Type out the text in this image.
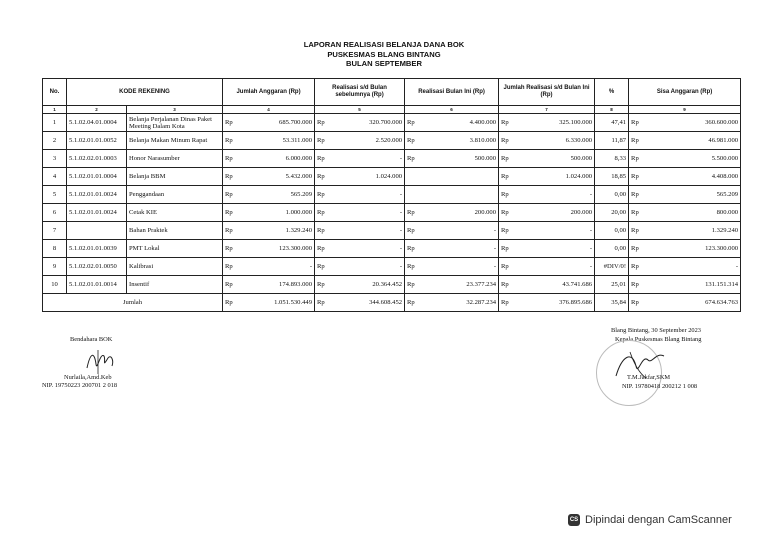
LAPORAN REALISASI BELANJA DANA BOK
PUSKESMAS BLANG BINTANG
BULAN SEPTEMBER
No.	KODE REKENING		Jumlah Anggaran (Rp)		Realisasi s/d Bulan sebelumnya (Rp)		Realisasi Bulan Ini (Rp)		Jumlah Realisasi s/d Bulan Ini (Rp)		%	Sisa Anggaran (Rp)	
1	2	3	4		5		6		7		8	9	
1	5.1.02.04.01.0004	Belanja Perjalanan Dinas Paket Meeting Dalam Kota	Rp	685.700.000	Rp	320.700.000	Rp	4.400.000	Rp	325.100.000	47,41	Rp	360.600.000
2	5.1.02.01.01.0052	Belanja Makan Minum Rapat	Rp	53.311.000	Rp	2.520.000	Rp	3.810.000	Rp	6.330.000	11,87	Rp	46.981.000
3	5.1.02.02.01.0003	Honor Narasumber	Rp	6.000.000	Rp	-	Rp	500.000	Rp	500.000	8,33	Rp	5.500.000
4	5.1.02.01.01.0004	Belanja BBM	Rp	5.432.000	Rp	1.024.000			Rp	1.024.000	18,85	Rp	4.408.000
5	5.1.02.01.01.0024	Penggandaan	Rp	565.209	Rp	-			Rp	-	0,00	Rp	565.209
6	5.1.02.01.01.0024	Cetak KIE	Rp	1.000.000	Rp	-	Rp	200.000	Rp	200.000	20,00	Rp	800.000
7		Bahan Praktek	Rp	1.329.240	Rp	-	Rp	-	Rp	-	0,00	Rp	1.329.240
8	5.1.02.01.01.0039	PMT Lokal	Rp	123.300.000	Rp	-	Rp	-	Rp	-	0,00	Rp	123.300.000
9	5.1.02.02.01.0050	Kalibrasi	Rp	-	Rp	-	Rp	-	Rp	-	#DIV/0!	Rp	-
10	5.1.02.01.01.0014	Insentif	Rp	174.893.000	Rp	20.364.452	Rp	23.377.234	Rp	43.741.686	25,01	Rp	131.151.314
Jumlah			Rp	1.051.530.449	Rp	344.608.452	Rp	32.287.234	Rp	376.895.686	35,84	Rp	674.634.763
Bendahara BOK
Nurlaila,Amd.Keb
NIP. 19750223 200701 2 018
Blang Bintang, 30 September 2023
Kepala Puskesmas Blang Bintang
T.M.Jakfar,SKM
NIP. 19780418 200212 1 008
CS Dipindai dengan CamScanner
